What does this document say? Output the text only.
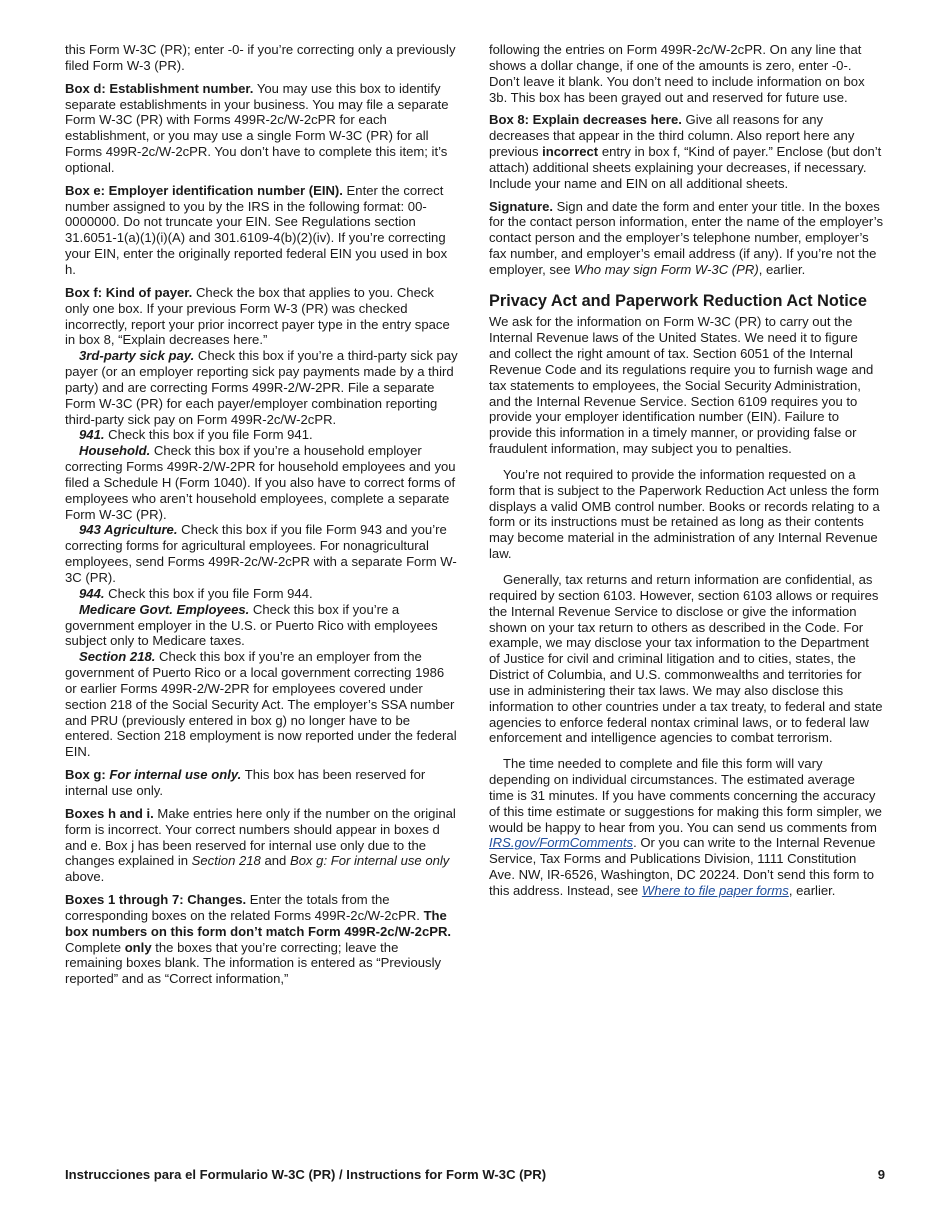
this Form W-3C (PR); enter -0- if you’re correcting only a previously filed Form W-3 (PR).

Box d: Establishment number. You may use this box to identify separate establishments in your business. You may file a separate Form W-3C (PR) with Forms 499R-2c/W-2cPR for each establishment, or you may use a single Form W-3C (PR) for all Forms 499R-2c/W-2cPR. You don’t have to complete this item; it’s optional.

Box e: Employer identification number (EIN). Enter the correct number assigned to you by the IRS in the following format: 00-0000000. Do not truncate your EIN. See Regulations section 31.6051-1(a)(1)(i)(A) and 301.6109-4(b)(2)(iv). If you’re correcting your EIN, enter the originally reported federal EIN you used in box h.

Box f: Kind of payer. Check the box that applies to you. Check only one box. If your previous Form W-3 (PR) was checked incorrectly, report your prior incorrect payer type in the entry space in box 8, “Explain decreases here.”

3rd-party sick pay. Check this box if you’re a third-party sick pay payer (or an employer reporting sick pay payments made by a third party) and are correcting Forms 499R-2/W-2PR. File a separate Form W-3C (PR) for each payer/employer combination reporting third-party sick pay on Form 499R-2c/W-2cPR.

941. Check this box if you file Form 941.

Household. Check this box if you’re a household employer correcting Forms 499R-2/W-2PR for household employees and you filed a Schedule H (Form 1040). If you also have to correct forms of employees who aren’t household employees, complete a separate Form W-3C (PR).

943 Agriculture. Check this box if you file Form 943 and you’re correcting forms for agricultural employees. For nonagricultural employees, send Forms 499R-2c/W-2cPR with a separate Form W-3C (PR).

944. Check this box if you file Form 944.

Medicare Govt. Employees. Check this box if you’re a government employer in the U.S. or Puerto Rico with employees subject only to Medicare taxes.

Section 218. Check this box if you’re an employer from the government of Puerto Rico or a local government correcting 1986 or earlier Forms 499R-2/W-2PR for employees covered under section 218 of the Social Security Act. The employer’s SSA number and PRU (previously entered in box g) no longer have to be entered. Section 218 employment is now reported under the federal EIN.

Box g: For internal use only. This box has been reserved for internal use only.

Boxes h and i. Make entries here only if the number on the original form is incorrect. Your correct numbers should appear in boxes d and e. Box j has been reserved for internal use only due to the changes explained in Section 218 and Box g: For internal use only above.

Boxes 1 through 7: Changes. Enter the totals from the corresponding boxes on the related Forms 499R-2c/W-2cPR. The box numbers on this form don’t match Form 499R-2c/W-2cPR. Complete only the boxes that you’re correcting; leave the remaining boxes blank. The information is entered as “Previously reported” and as “Correct information,”

following the entries on Form 499R-2c/W-2cPR. On any line that shows a dollar change, if one of the amounts is zero, enter -0-. Don’t leave it blank. You don’t need to include information on box 3b. This box has been grayed out and reserved for future use.

Box 8: Explain decreases here. Give all reasons for any decreases that appear in the third column. Also report here any previous incorrect entry in box f, “Kind of payer.” Enclose (but don’t attach) additional sheets explaining your decreases, if necessary. Include your name and EIN on all additional sheets.

Signature. Sign and date the form and enter your title. In the boxes for the contact person information, enter the name of the employer’s contact person and the employer’s telephone number, employer’s fax number, and employer’s email address (if any). If you’re not the employer, see Who may sign Form W-3C (PR), earlier.

Privacy Act and Paperwork Reduction Act Notice

We ask for the information on Form W-3C (PR) to carry out the Internal Revenue laws of the United States. We need it to figure and collect the right amount of tax. Section 6051 of the Internal Revenue Code and its regulations require you to furnish wage and tax statements to employees, the Social Security Administration, and the Internal Revenue Service. Section 6109 requires you to provide your employer identification number (EIN). Failure to provide this information in a timely manner, or providing false or fraudulent information, may subject you to penalties.

You’re not required to provide the information requested on a form that is subject to the Paperwork Reduction Act unless the form displays a valid OMB control number. Books or records relating to a form or its instructions must be retained as long as their contents may become material in the administration of any Internal Revenue law.

Generally, tax returns and return information are confidential, as required by section 6103. However, section 6103 allows or requires the Internal Revenue Service to disclose or give the information shown on your tax return to others as described in the Code. For example, we may disclose your tax information to the Department of Justice for civil and criminal litigation and to cities, states, the District of Columbia, and U.S. commonwealths and territories for use in administering their tax laws. We may also disclose this information to other countries under a tax treaty, to federal and state agencies to enforce federal nontax criminal laws, or to federal law enforcement and intelligence agencies to combat terrorism.

The time needed to complete and file this form will vary depending on individual circumstances. The estimated average time is 31 minutes. If you have comments concerning the accuracy of this time estimate or suggestions for making this form simpler, we would be happy to hear from you. You can send us comments from IRS.gov/FormComments. Or you can write to the Internal Revenue Service, Tax Forms and Publications Division, 1111 Constitution Ave. NW, IR-6526, Washington, DC 20224. Don’t send this form to this address. Instead, see Where to file paper forms, earlier.

Instrucciones para el Formulario W-3C (PR) / Instructions for Form W-3C (PR)	9
